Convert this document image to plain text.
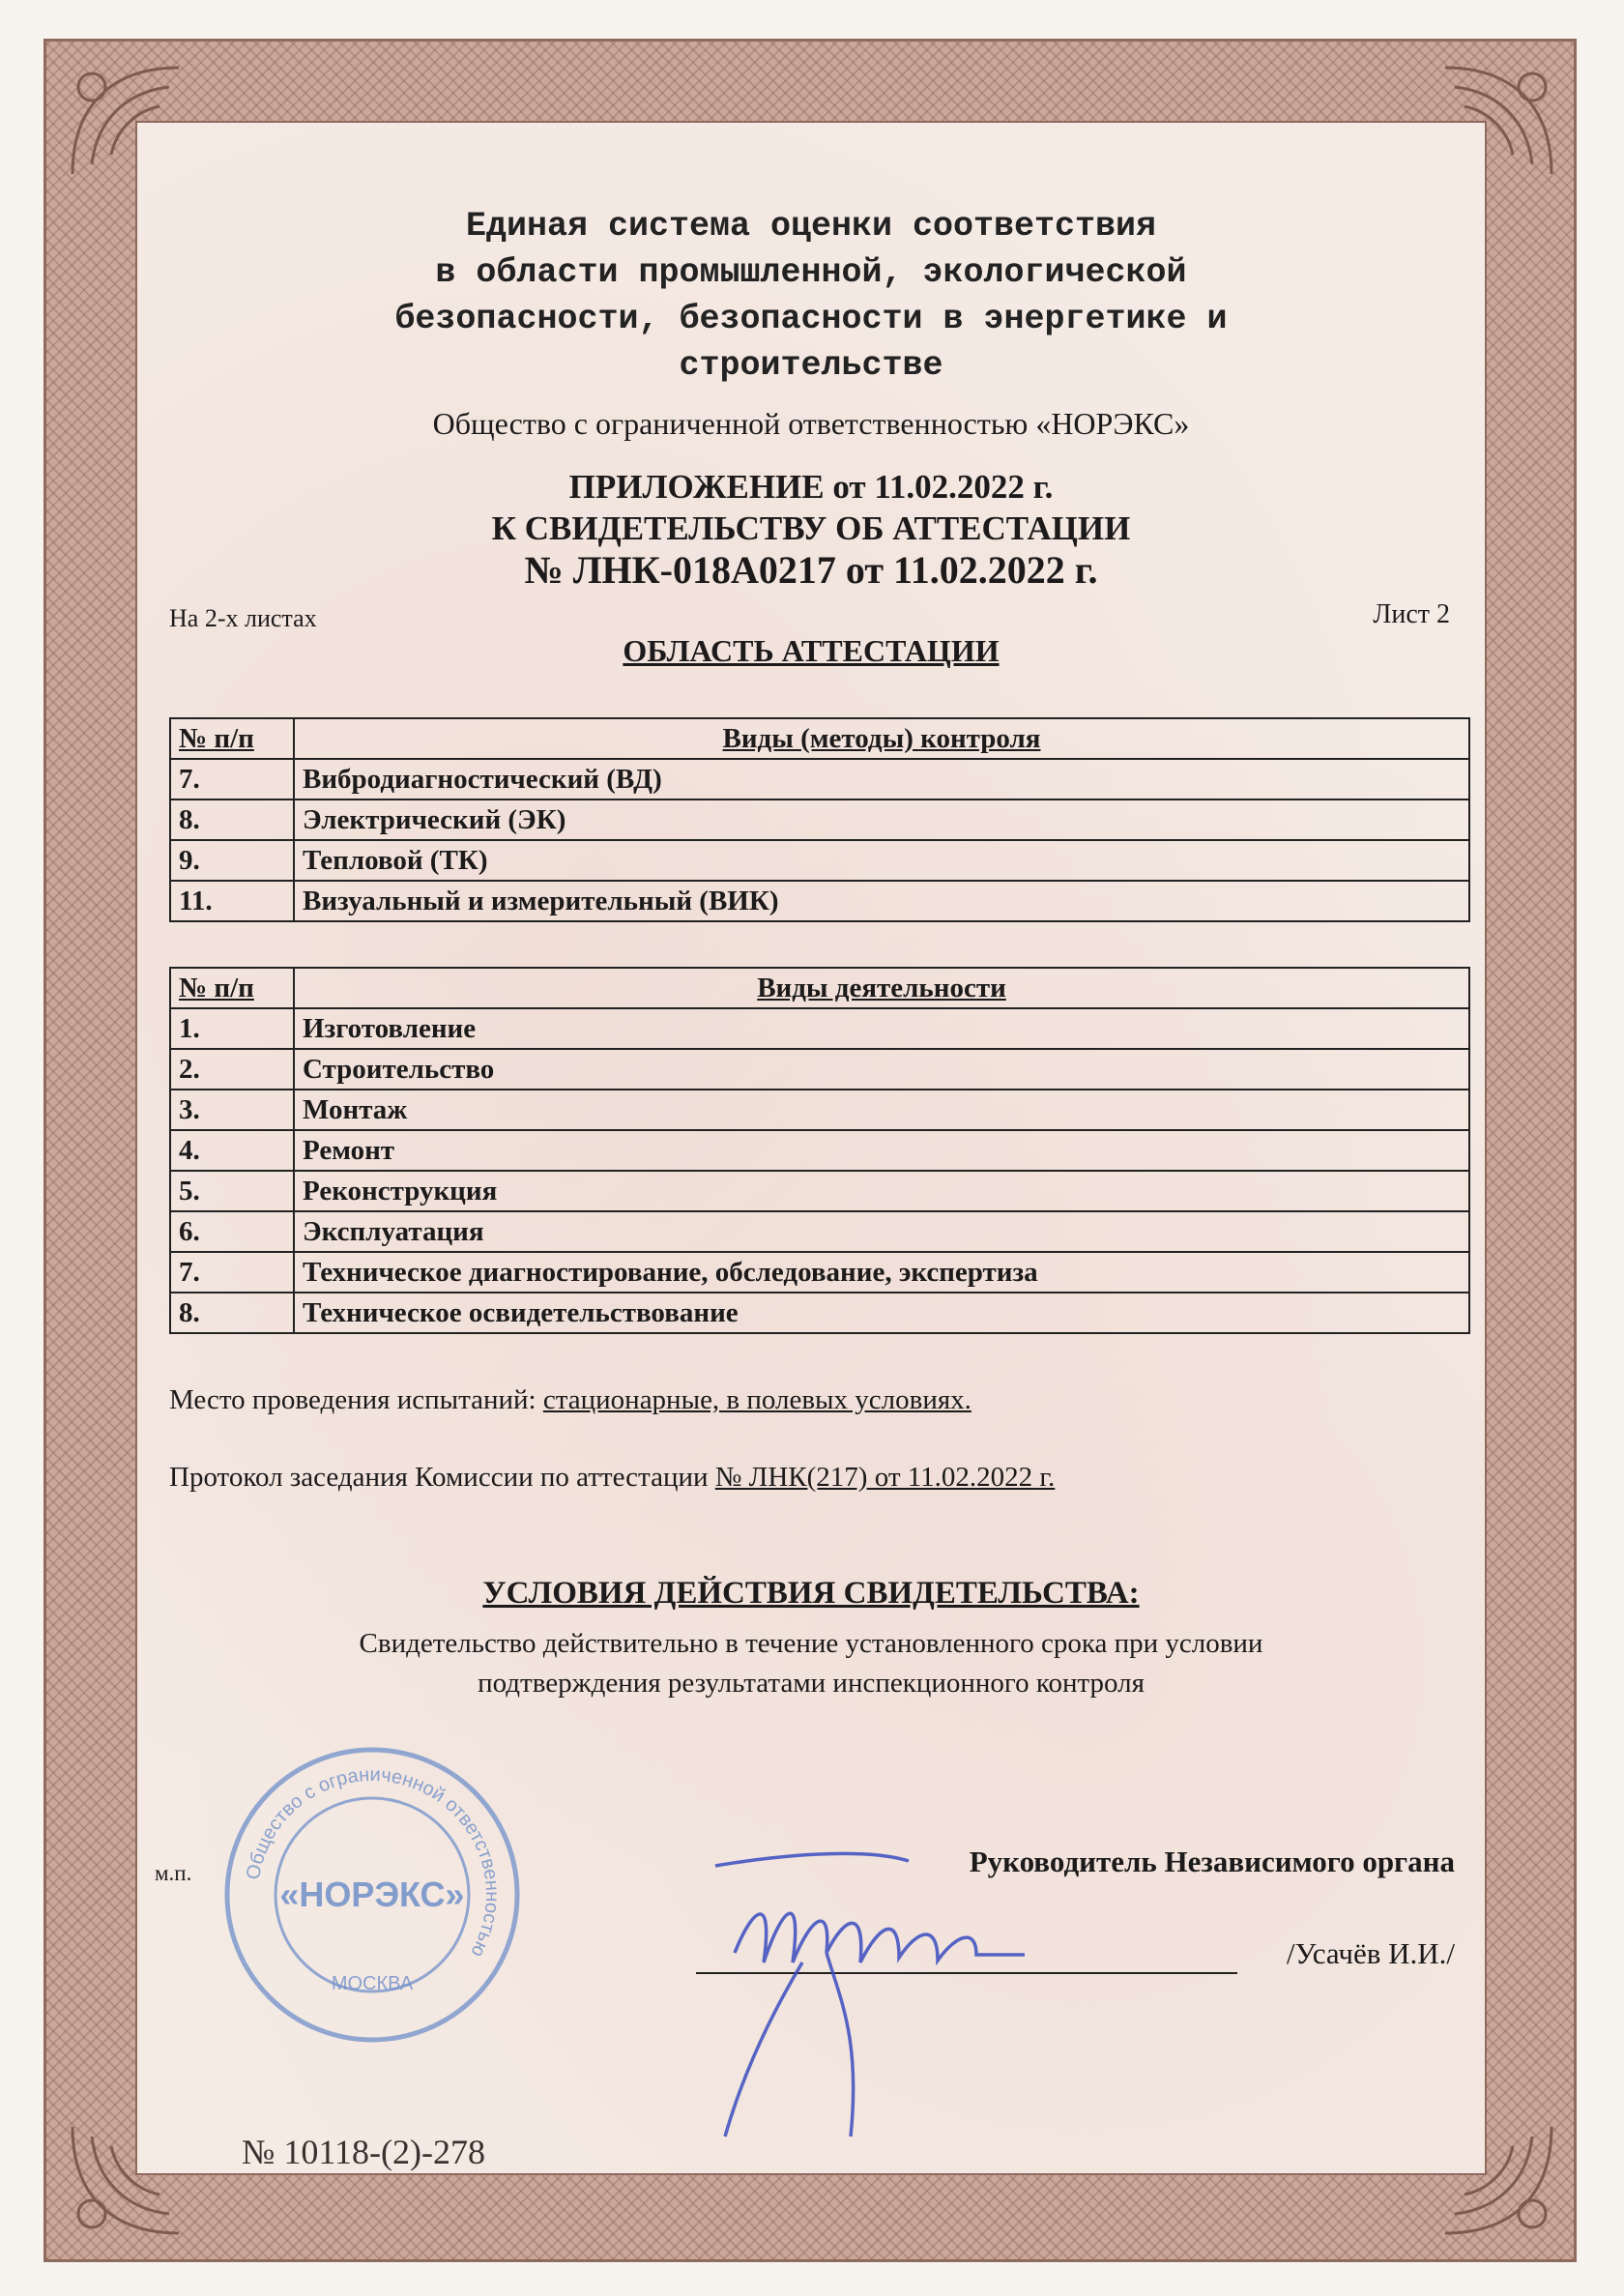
Единая система оценки соответствия
в области промышленной, экологической
безопасности, безопасности в энергетике и
строительстве
Общество с ограниченной ответственностью «НОРЭКС»
ПРИЛОЖЕНИЕ от 11.02.2022 г.
К СВИДЕТЕЛЬСТВУ ОБ АТТЕСТАЦИИ
№ ЛНК-018А0217 от 11.02.2022 г.
На 2-х листах	Лист 2
ОБЛАСТЬ АТТЕСТАЦИИ
№ п/п	Виды (методы) контроля
7.	Вибродиагностический (ВД)
8.	Электрический (ЭК)
9.	Тепловой (ТК)
11.	Визуальный и измерительный (ВИК)
№ п/п	Виды деятельности
1.	Изготовление
2.	Строительство
3.	Монтаж
4.	Ремонт
5.	Реконструкция
6.	Эксплуатация
7.	Техническое диагностирование, обследование, экспертиза
8.	Техническое освидетельствование
Место проведения испытаний: стационарные, в полевых условиях.
Протокол заседания Комиссии по аттестации № ЛНК(217) от 11.02.2022 г.
УСЛОВИЯ ДЕЙСТВИЯ СВИДЕТЕЛЬСТВА:
Свидетельство действительно в течение установленного срока при условии
подтверждения результатами инспекционного контроля
Общество с ограниченной ответственностью
«НОРЭКС»
МОСКВА
м.п.	Руководитель Независимого органа
/Усачёв И.И./
№ 10118-(2)-278
